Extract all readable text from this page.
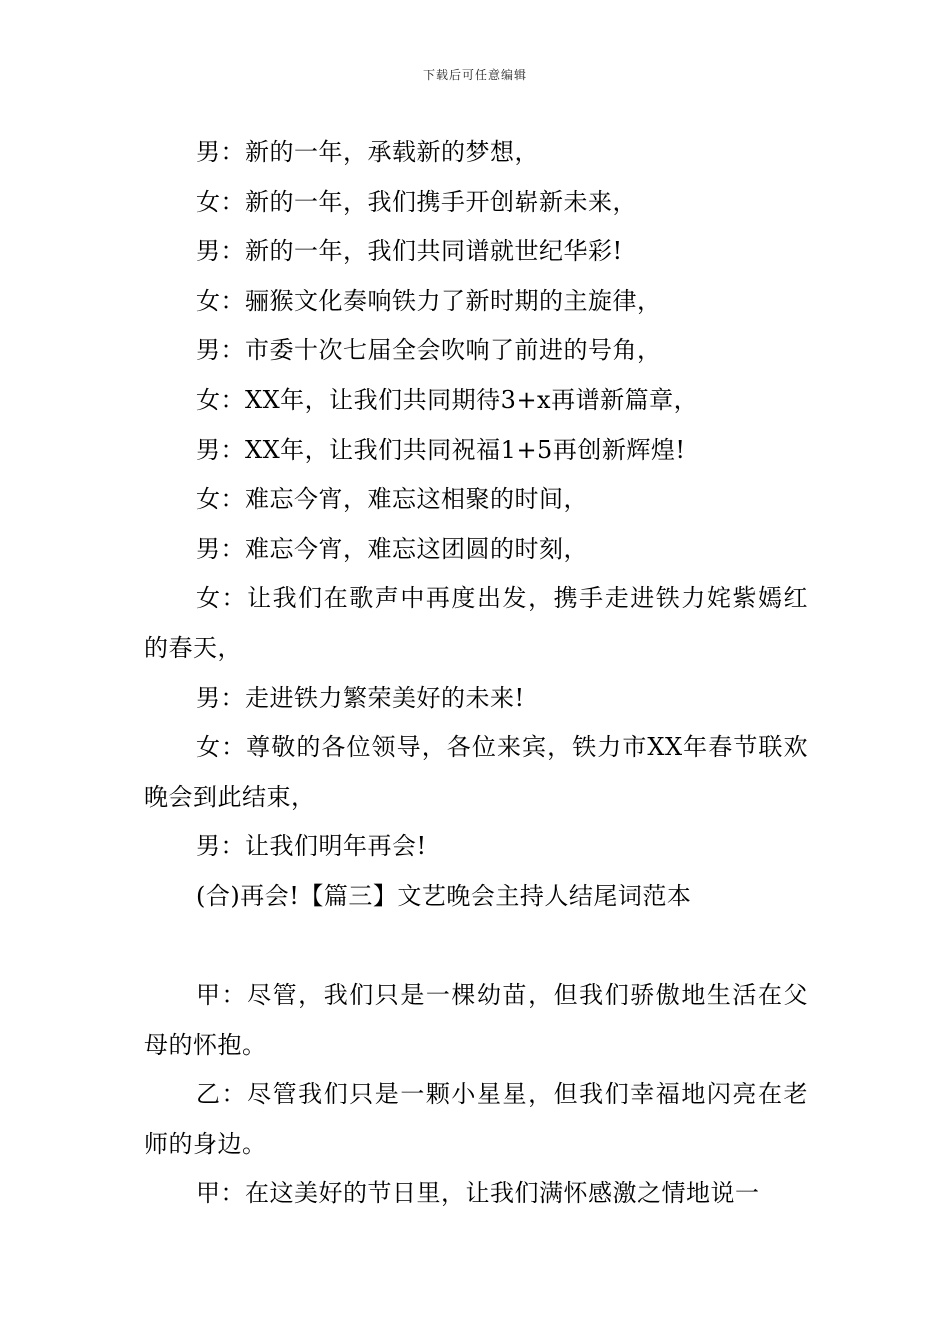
下载后可任意编辑

男：新的一年，承载新的梦想，

女：新的一年，我们携手开创崭新未来，

男：新的一年，我们共同谱就世纪华彩!

女：骊猴文化奏响铁力了新时期的主旋律，

男：市委十次七届全会吹响了前进的号角，

女：XX年，让我们共同期待3+x再谱新篇章，

男：XX年，让我们共同祝福1+5再创新辉煌!

女：难忘今宵，难忘这相聚的时间，

男：难忘今宵，难忘这团圆的时刻，

女：让我们在歌声中再度出发，携手走进铁力姹紫嫣红的春天，

男：走进铁力繁荣美好的未来!

女：尊敬的各位领导，各位来宾，铁力市XX年春节联欢晚会到此结束，

男：让我们明年再会!

(合)再会!【篇三】文艺晚会主持人结尾词范本

甲：尽管，我们只是一棵幼苗，但我们骄傲地生活在父母的怀抱。

乙：尽管我们只是一颗小星星，但我们幸福地闪亮在老师的身边。

甲：在这美好的节日里，让我们满怀感激之情地说一
